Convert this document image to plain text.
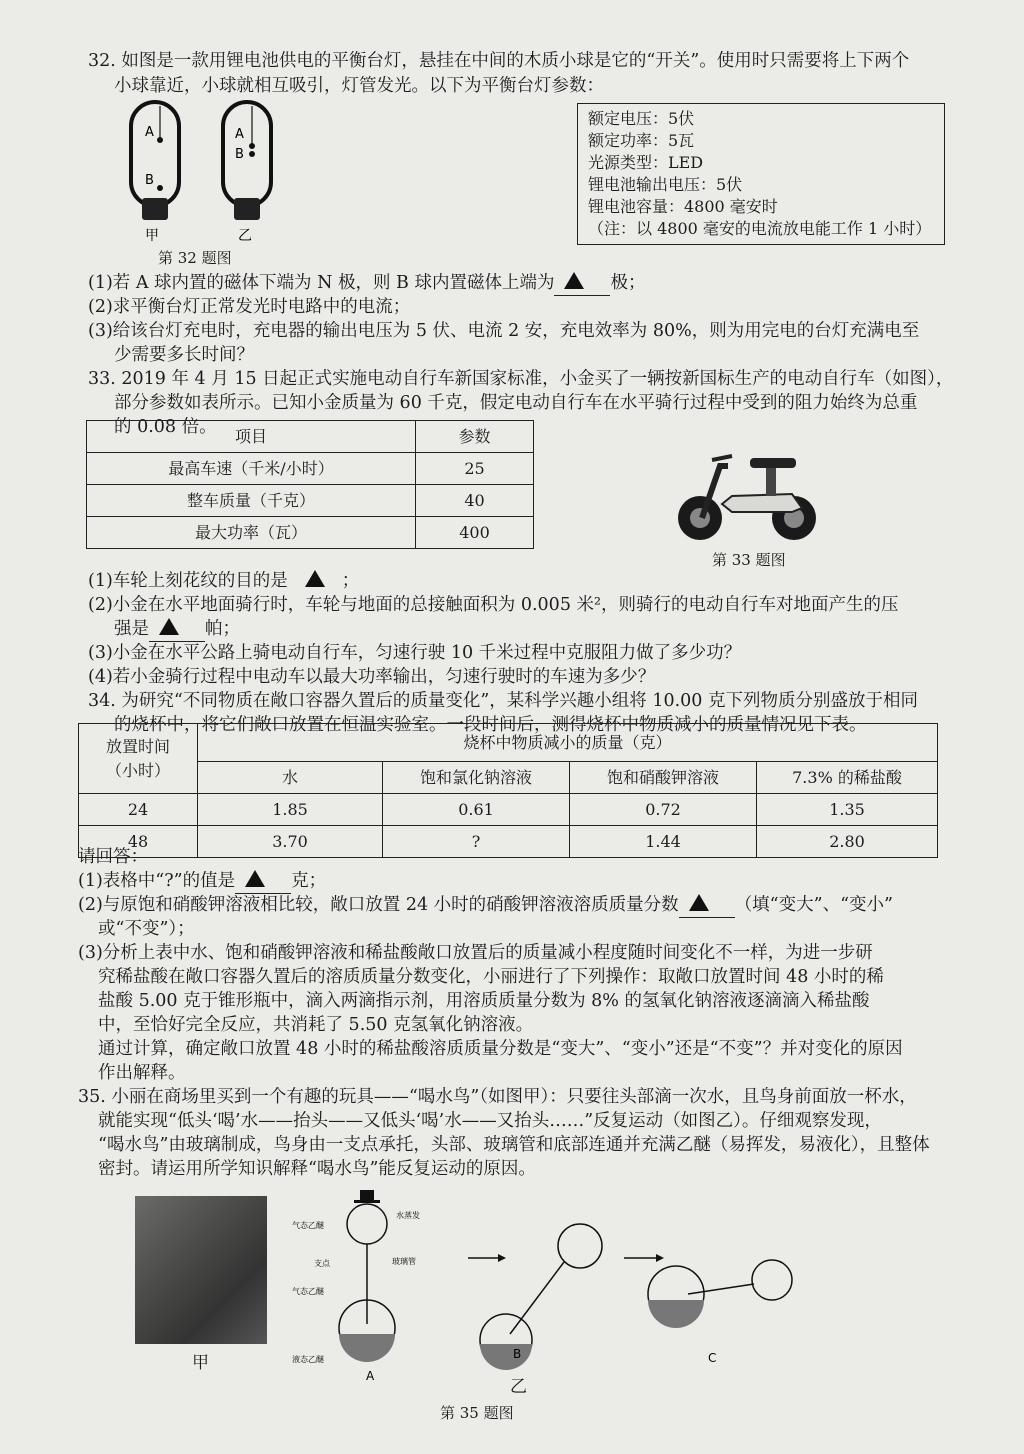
32. 如图是一款用锂电池供电的平衡台灯，悬挂在中间的木质小球是它的“开关”。使用时只需要将上下两个
小球靠近，小球就相互吸引，灯管发光。以下为平衡台灯参数：
A
B
甲
A
B
乙
第 32 题图
额定电压：5伏
额定功率：5瓦
光源类型：LED
锂电池输出电压：5伏
锂电池容量：4800 毫安时
（注：以 4800 毫安的电流放电能工作 1 小时）
(1)若 A 球内置的磁体下端为 N 极，则 B 球内置磁体上端为	极；
(2)求平衡台灯正常发光时电路中的电流；
(3)给该台灯充电时，充电器的输出电压为 5 伏、电流 2 安，充电效率为 80%，则为用完电的台灯充满电至
少需要多长时间？
33. 2019 年 4 月 15 日起正式实施电动自行车新国家标准，小金买了一辆按新国标生产的电动自行车（如图），
部分参数如表所示。已知小金质量为 60 千克，假定电动自行车在水平骑行过程中受到的阻力始终为总重
的 0.08 倍。 项目	参数
最高车速（千米/小时）	25
整车质量（千克）	40
最大功率（瓦）	400
第 33 题图
(1)车轮上刻花纹的目的是	；
(2)小金在水平地面骑行时，车轮与地面的总接触面积为 0.005 米²，则骑行的电动自行车对地面产生的压
强是	帕；
(3)小金在水平公路上骑电动自行车，匀速行驶 10 千米过程中克服阻力做了多少功？
(4)若小金骑行过程中电动车以最大功率输出，匀速行驶时的车速为多少？
34. 为研究“不同物质在敞口容器久置后的质量变化”，某科学兴趣小组将 10.00 克下列物质分别盛放于相同
的烧杯中，将它们敞口放置在恒温实验室。一段时间后，测得烧杯中物质减小的质量情况见下表。
放置时间
（小时）	烧杯中物质减小的质量（克）			
	水	饱和氯化钠溶液	饱和硝酸钾溶液	7.3% 的稀盐酸
24	1.85	0.61	0.72	1.35
48	3.70	?	1.44	2.80
请回答：
(1)表格中“?”的值是	克；
(2)与原饱和硝酸钾溶液相比较，敞口放置 24 小时的硝酸钾溶液溶质质量分数	（填“变大”、“变小”
或“不变”）；
(3)分析上表中水、饱和硝酸钾溶液和稀盐酸敞口放置后的质量减小程度随时间变化不一样，为进一步研
究稀盐酸在敞口容器久置后的溶质质量分数变化，小丽进行了下列操作：取敞口放置时间 48 小时的稀
盐酸 5.00 克于锥形瓶中，滴入两滴指示剂，用溶质质量分数为 8% 的氢氧化钠溶液逐滴滴入稀盐酸
中，至恰好完全反应，共消耗了 5.50 克氢氧化钠溶液。
通过计算，确定敞口放置 48 小时的稀盐酸溶质质量分数是“变大”、“变小”还是“不变”？并对变化的原因
作出解释。
35. 小丽在商场里买到一个有趣的玩具——“喝水鸟”（如图甲）：只要往头部滴一次水，且鸟身前面放一杯水，
就能实现“低头‘喝’水——抬头——又低头‘喝’水——又抬头……”反复运动（如图乙）。仔细观察发现，
“喝水鸟”由玻璃制成，鸟身由一支点承托，头部、玻璃管和底部连通并充满乙醚（易挥发，易液化），且整体
密封。请运用所学知识解释“喝水鸟”能反复运动的原因。
甲
A
气态乙醚
水蒸发
支点	玻璃管
气态乙醚
液态乙醚	B	C
乙
第 35 题图
